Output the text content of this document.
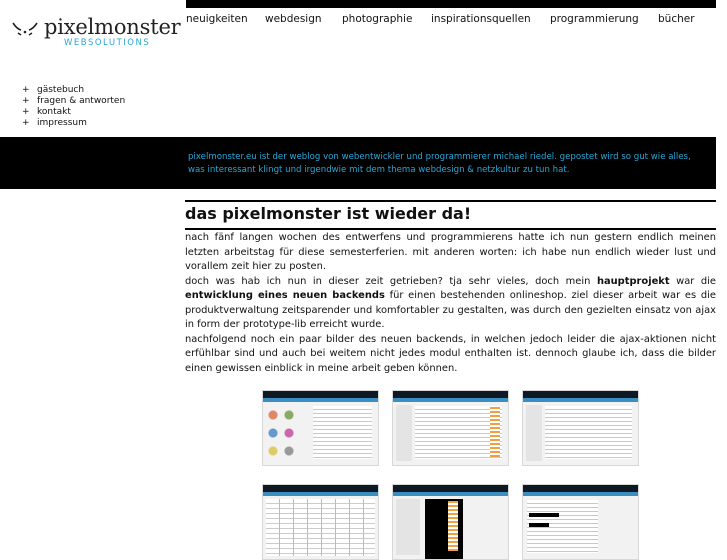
pixelmonster
WEBSOLUTIONS
neuigkeiten webdesign photographie inspirationsquellen programmierung bücher
+ gästebuch
+ fragen & antworten
+ kontakt
+ impressum
pixelmonster.eu ist der weblog von webentwickler und programmierer michael riedel. gepostet wird so gut wie alles, was interessant klingt und irgendwie mit dem thema webdesign & netzkultur zu tun hat.
das pixelmonster ist wieder da!

nach fänf langen wochen des entwerfens und programmierens hatte ich nun gestern endlich meinen letzten arbeitstag für diese semesterferien. mit anderen worten: ich habe nun endlich wieder lust und vorallem zeit hier zu posten.

doch was hab ich nun in dieser zeit getrieben? tja sehr vieles, doch mein hauptprojekt war die entwicklung eines neuen backends für einen bestehenden onlineshop. ziel dieser arbeit war es die produktverwaltung zeitsparender und komfortabler zu gestalten, was durch den gezielten einsatz von ajax in form der prototype-lib erreicht wurde.

nachfolgend noch ein paar bilder des neuen backends, in welchen jedoch leider die ajax-aktionen nicht erfühlbar sind und auch bei weitem nicht jedes modul enthalten ist. dennoch glaube ich, dass die bilder einen gewissen einblick in meine arbeit geben können.
